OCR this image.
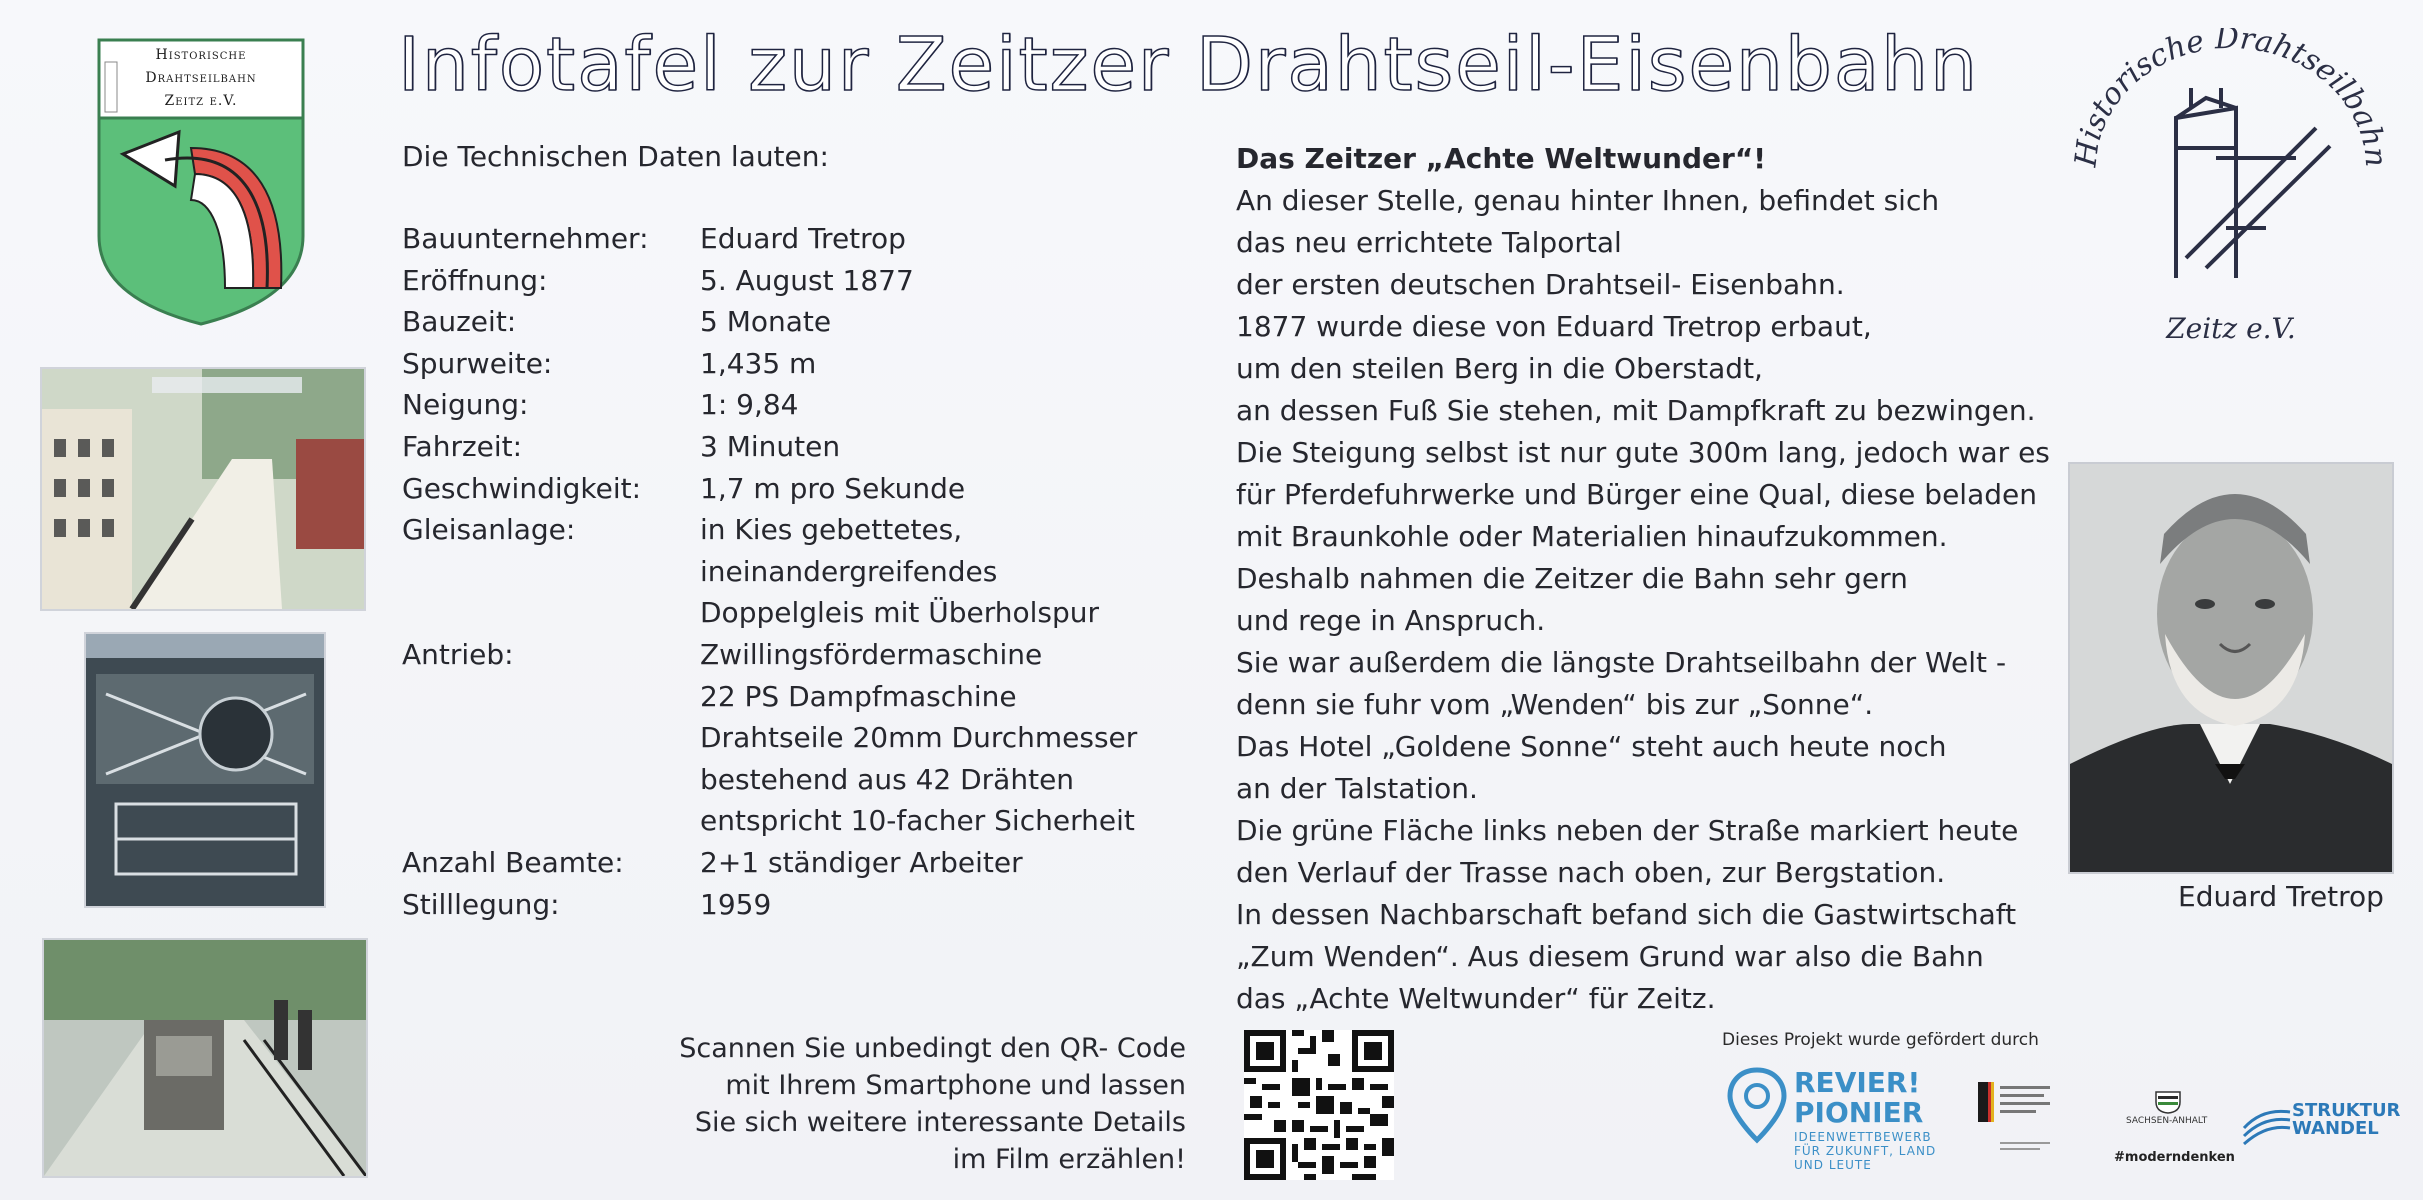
Infotafel zur Zeitzer Drahtseil-Eisenbahn
Historische
Drahtseilbahn
Zeitz e.V.
Die Technischen Daten lauten:
Bauunternehmer: Eduard Tretrop
Eröffnung:	5. August 1877
Bauzeit:	5 Monate
Spurweite:	1,435 m
Neigung:	1: 9,84
Fahrzeit:	3 Minuten
Geschwindigkeit: 1,7 m pro Sekunde
Gleisanlage:	in Kies gebettetes,
ineinandergreifendes
Doppelgleis mit Überholspur
Antrieb:	Zwillingsfördermaschine
22 PS Dampfmaschine
Drahtseile 20mm Durchmesser
bestehend aus 42 Drähten
entspricht 10-facher Sicherheit
Anzahl Beamte:	2+1 ständiger Arbeiter
Stilllegung:	1959
Das Zeitzer „Achte Weltwunder“!
An dieser Stelle, genau hinter Ihnen, befindet sich
das neu errichtete Talportal
der ersten deutschen Drahtseil- Eisenbahn.
1877 wurde diese von Eduard Tretrop erbaut,
um den steilen Berg in die Oberstadt,
an dessen Fuß Sie stehen, mit Dampfkraft zu bezwingen.
Die Steigung selbst ist nur gute 300m lang, jedoch war es
für Pferdefuhrwerke und Bürger eine Qual, diese beladen
mit Braunkohle oder Materialien hinaufzukommen.
Deshalb nahmen die Zeitzer die Bahn sehr gern
und rege in Anspruch.
Sie war außerdem die längste Drahtseilbahn der Welt -
denn sie fuhr vom „Wenden“ bis zur „Sonne“.
Das Hotel „Goldene Sonne“ steht auch heute noch
an der Talstation.
Die grüne Fläche links neben der Straße markiert heute
den Verlauf der Trasse nach oben, zur Bergstation.
In dessen Nachbarschaft befand sich die Gastwirtschaft
„Zum Wenden“. Aus diesem Grund war also die Bahn
das „Achte Weltwunder“ für Zeitz.
Historische Drahtseilbahn
Zeitz e.V.
Eduard Tretrop
Scannen Sie unbedingt den QR- Code
mit Ihrem Smartphone und lassen
Sie sich weitere interessante Details
im Film erzählen!
Dieses Projekt wurde gefördert durch
REVIER!
PIONIER
IDEENWETTBEWERB
FÜR ZUKUNFT, LAND
UND LEUTE
SACHSEN-ANHALT
#moderndenken
STRUKTUR
WANDEL
